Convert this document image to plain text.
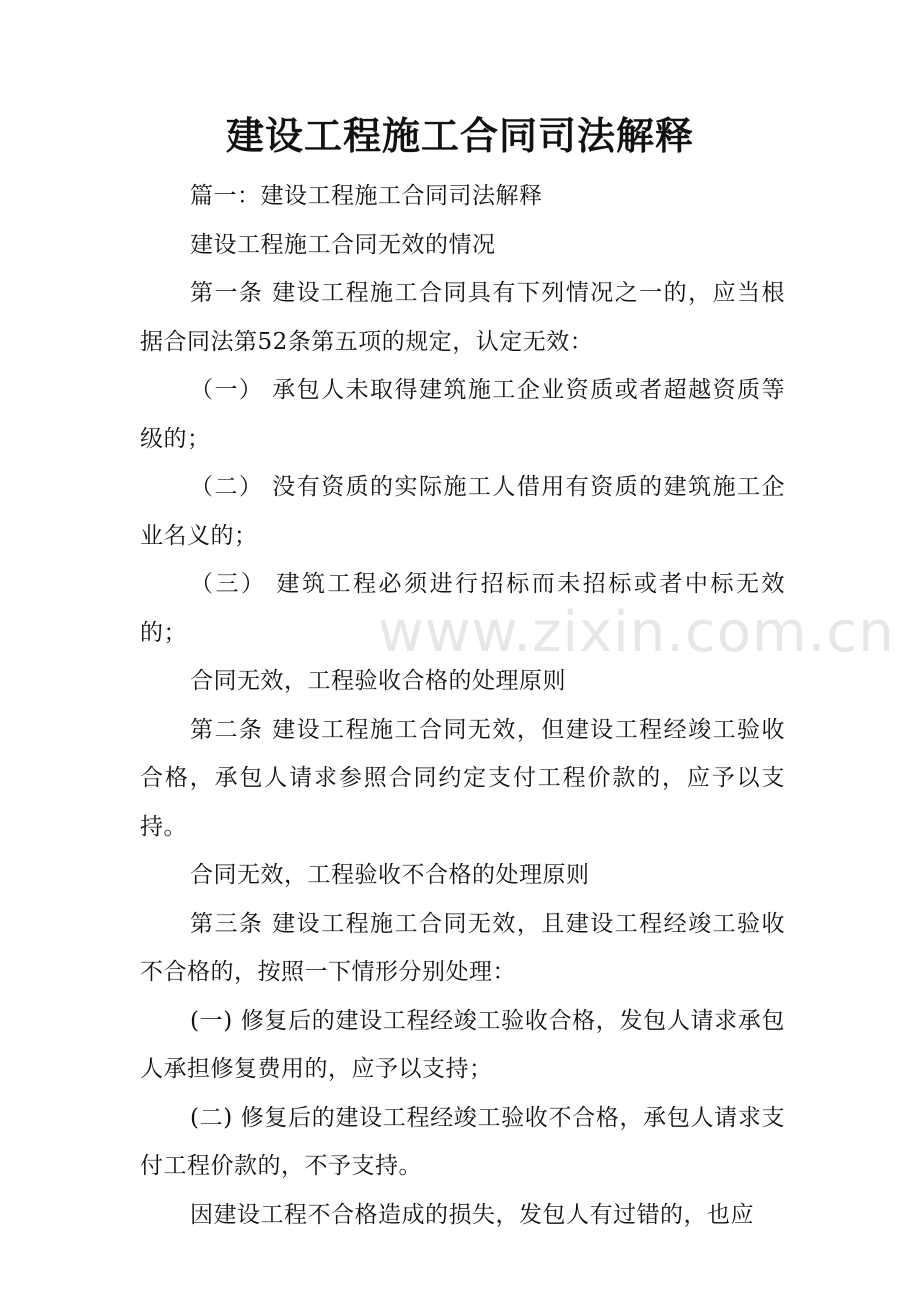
建设工程施工合同司法解释

篇一：建设工程施工合同司法解释

建设工程施工合同无效的情况

第一条 建设工程施工合同具有下列情况之一的，应当根据合同法第52条第五项的规定，认定无效：

（一） 承包人未取得建筑施工企业资质或者超越资质等级的；

（二） 没有资质的实际施工人借用有资质的建筑施工企业名义的；

（三） 建筑工程必须进行招标而未招标或者中标无效的；

合同无效，工程验收合格的处理原则

第二条 建设工程施工合同无效，但建设工程经竣工验收合格，承包人请求参照合同约定支付工程价款的，应予以支持。

合同无效，工程验收不合格的处理原则

第三条 建设工程施工合同无效，且建设工程经竣工验收不合格的，按照一下情形分别处理：

(一) 修复后的建设工程经竣工验收合格，发包人请求承包人承担修复费用的，应予以支持；

(二) 修复后的建设工程经竣工验收不合格，承包人请求支付工程价款的，不予支持。

因建设工程不合格造成的损失，发包人有过错的，也应

www.zixin.com.cn
